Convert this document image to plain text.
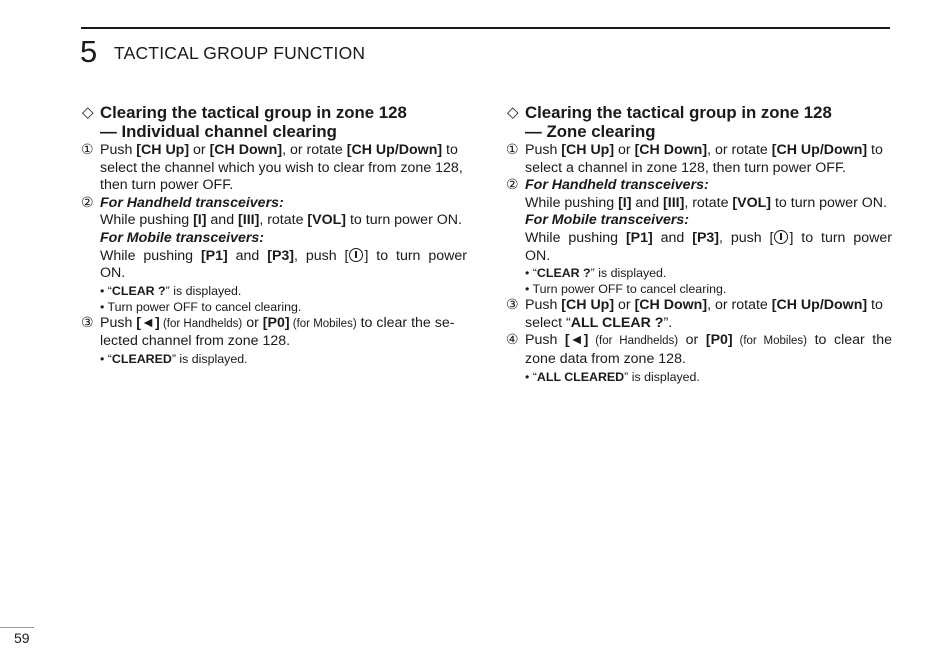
5 TACTICAL GROUP FUNCTION
◇ Clearing the tactical group in zone 128
— Individual channel clearing
① Push [CH Up] or [CH Down], or rotate [CH Up/Down] to
select the channel which you wish to clear from zone 128,
then turn power OFF.
② For Handheld transceivers:
While pushing [I] and [III], rotate [VOL] to turn power ON.
For Mobile transceivers:
While pushing [P1] and [P3], push [ ] to turn power
ON.
• “CLEAR ?” is displayed.
• Turn power OFF to cancel clearing.
③ Push [◄] (for Handhelds) or [P0] (for Mobiles) to clear the se-
lected channel from zone 128.
• “CLEARED” is displayed.
◇ Clearing the tactical group in zone 128
— Zone clearing
① Push [CH Up] or [CH Down], or rotate [CH Up/Down] to
select a channel in zone 128, then turn power OFF.
② For Handheld transceivers:
While pushing [I] and [III], rotate [VOL] to turn power ON.
For Mobile transceivers:
While pushing [P1] and [P3], push [ ] to turn power
ON.
• “CLEAR ?” is displayed.
• Turn power OFF to cancel clearing.
③ Push [CH Up] or [CH Down], or rotate [CH Up/Down] to
select “ALL CLEAR ?”.
④ Push [◄] (for Handhelds) or [P0] (for Mobiles) to clear the
zone data from zone 128.
• “ALL CLEARED” is displayed.
59
